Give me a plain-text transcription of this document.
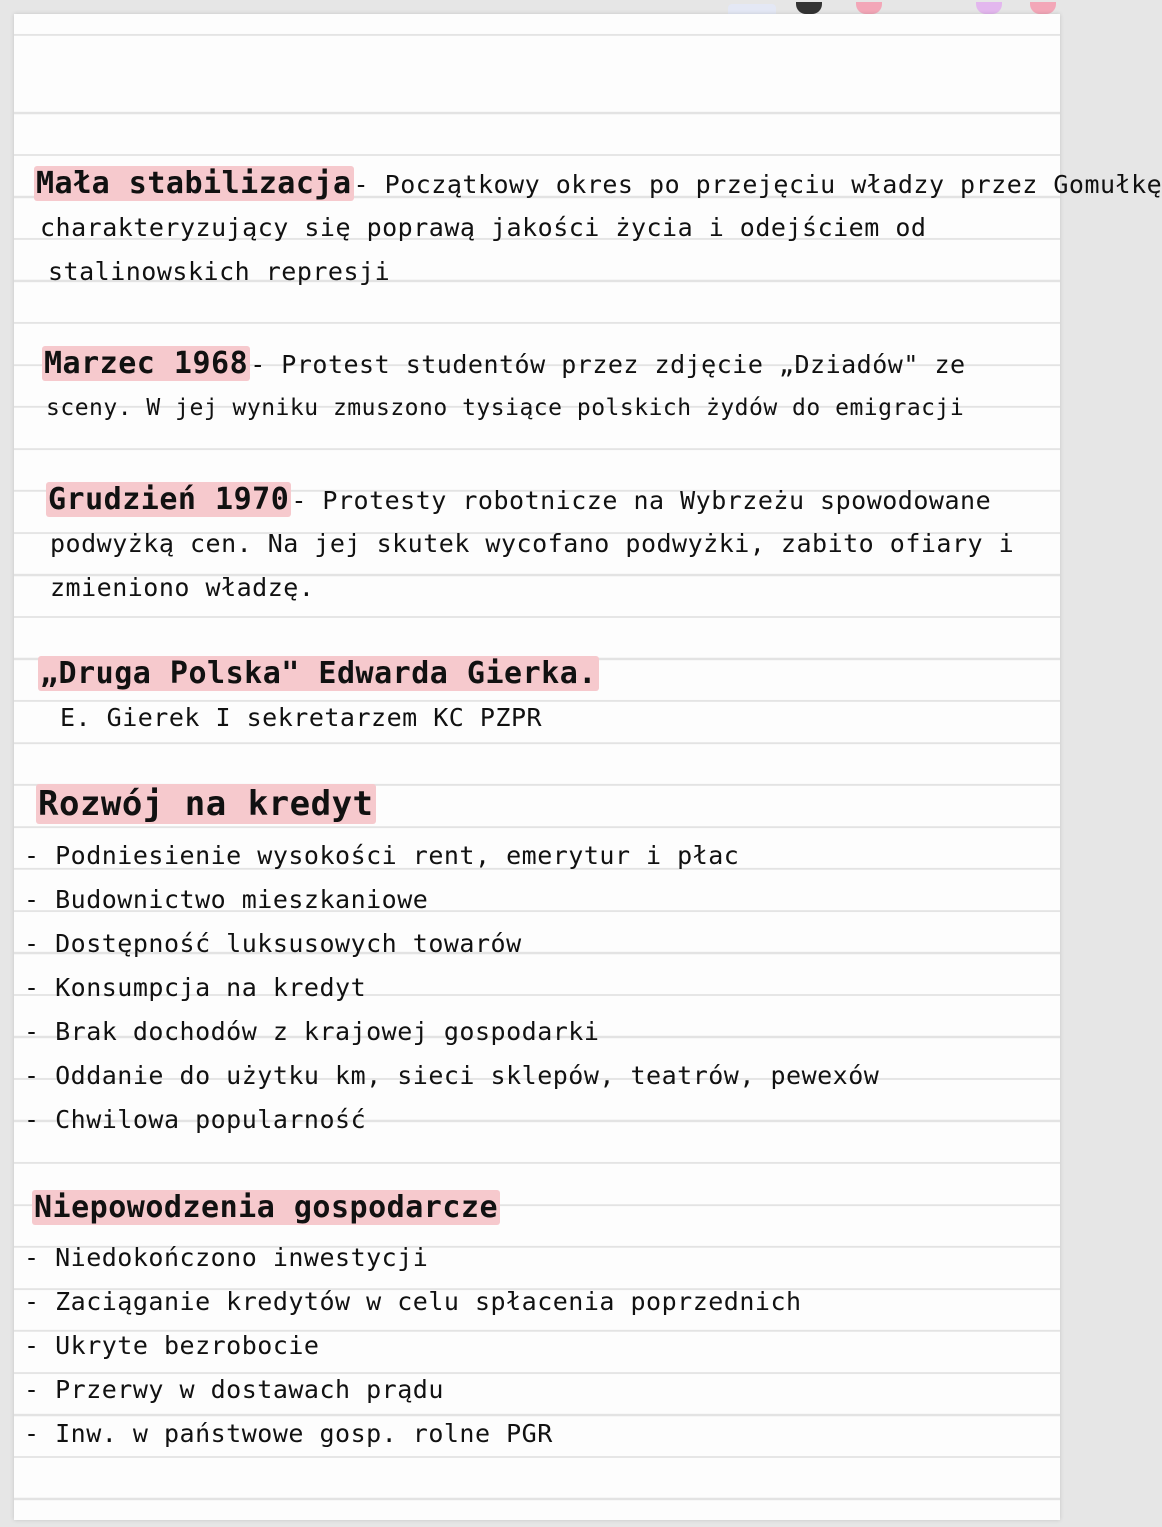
Mała stabilizacja- Początkowy okres po przejęciu władzy przez Gomułkę
charakteryzujący się poprawą jakości życia i odejściem od
stalinowskich represji
Marzec 1968- Protest studentów przez zdjęcie „Dziadów" ze
sceny. W jej wyniku zmuszono tysiące polskich żydów do emigracji
Grudzień 1970- Protesty robotnicze na Wybrzeżu spowodowane
podwyżką cen. Na jej skutek wycofano podwyżki, zabito ofiary i
zmieniono władzę.
„Druga Polska" Edwarda Gierka.
E. Gierek I sekretarzem KC PZPR
Rozwój na kredyt
- Podniesienie wysokości rent, emerytur i płac
- Budownictwo mieszkaniowe
- Dostępność luksusowych towarów
- Konsumpcja na kredyt
- Brak dochodów z krajowej gospodarki
- Oddanie do użytku km, sieci sklepów, teatrów, pewexów
- Chwilowa popularność
Niepowodzenia gospodarcze
- Niedokończono inwestycji
- Zaciąganie kredytów w celu spłacenia poprzednich
- Ukryte bezrobocie
- Przerwy w dostawach prądu
- Inw. w państwowe gosp. rolne PGR
